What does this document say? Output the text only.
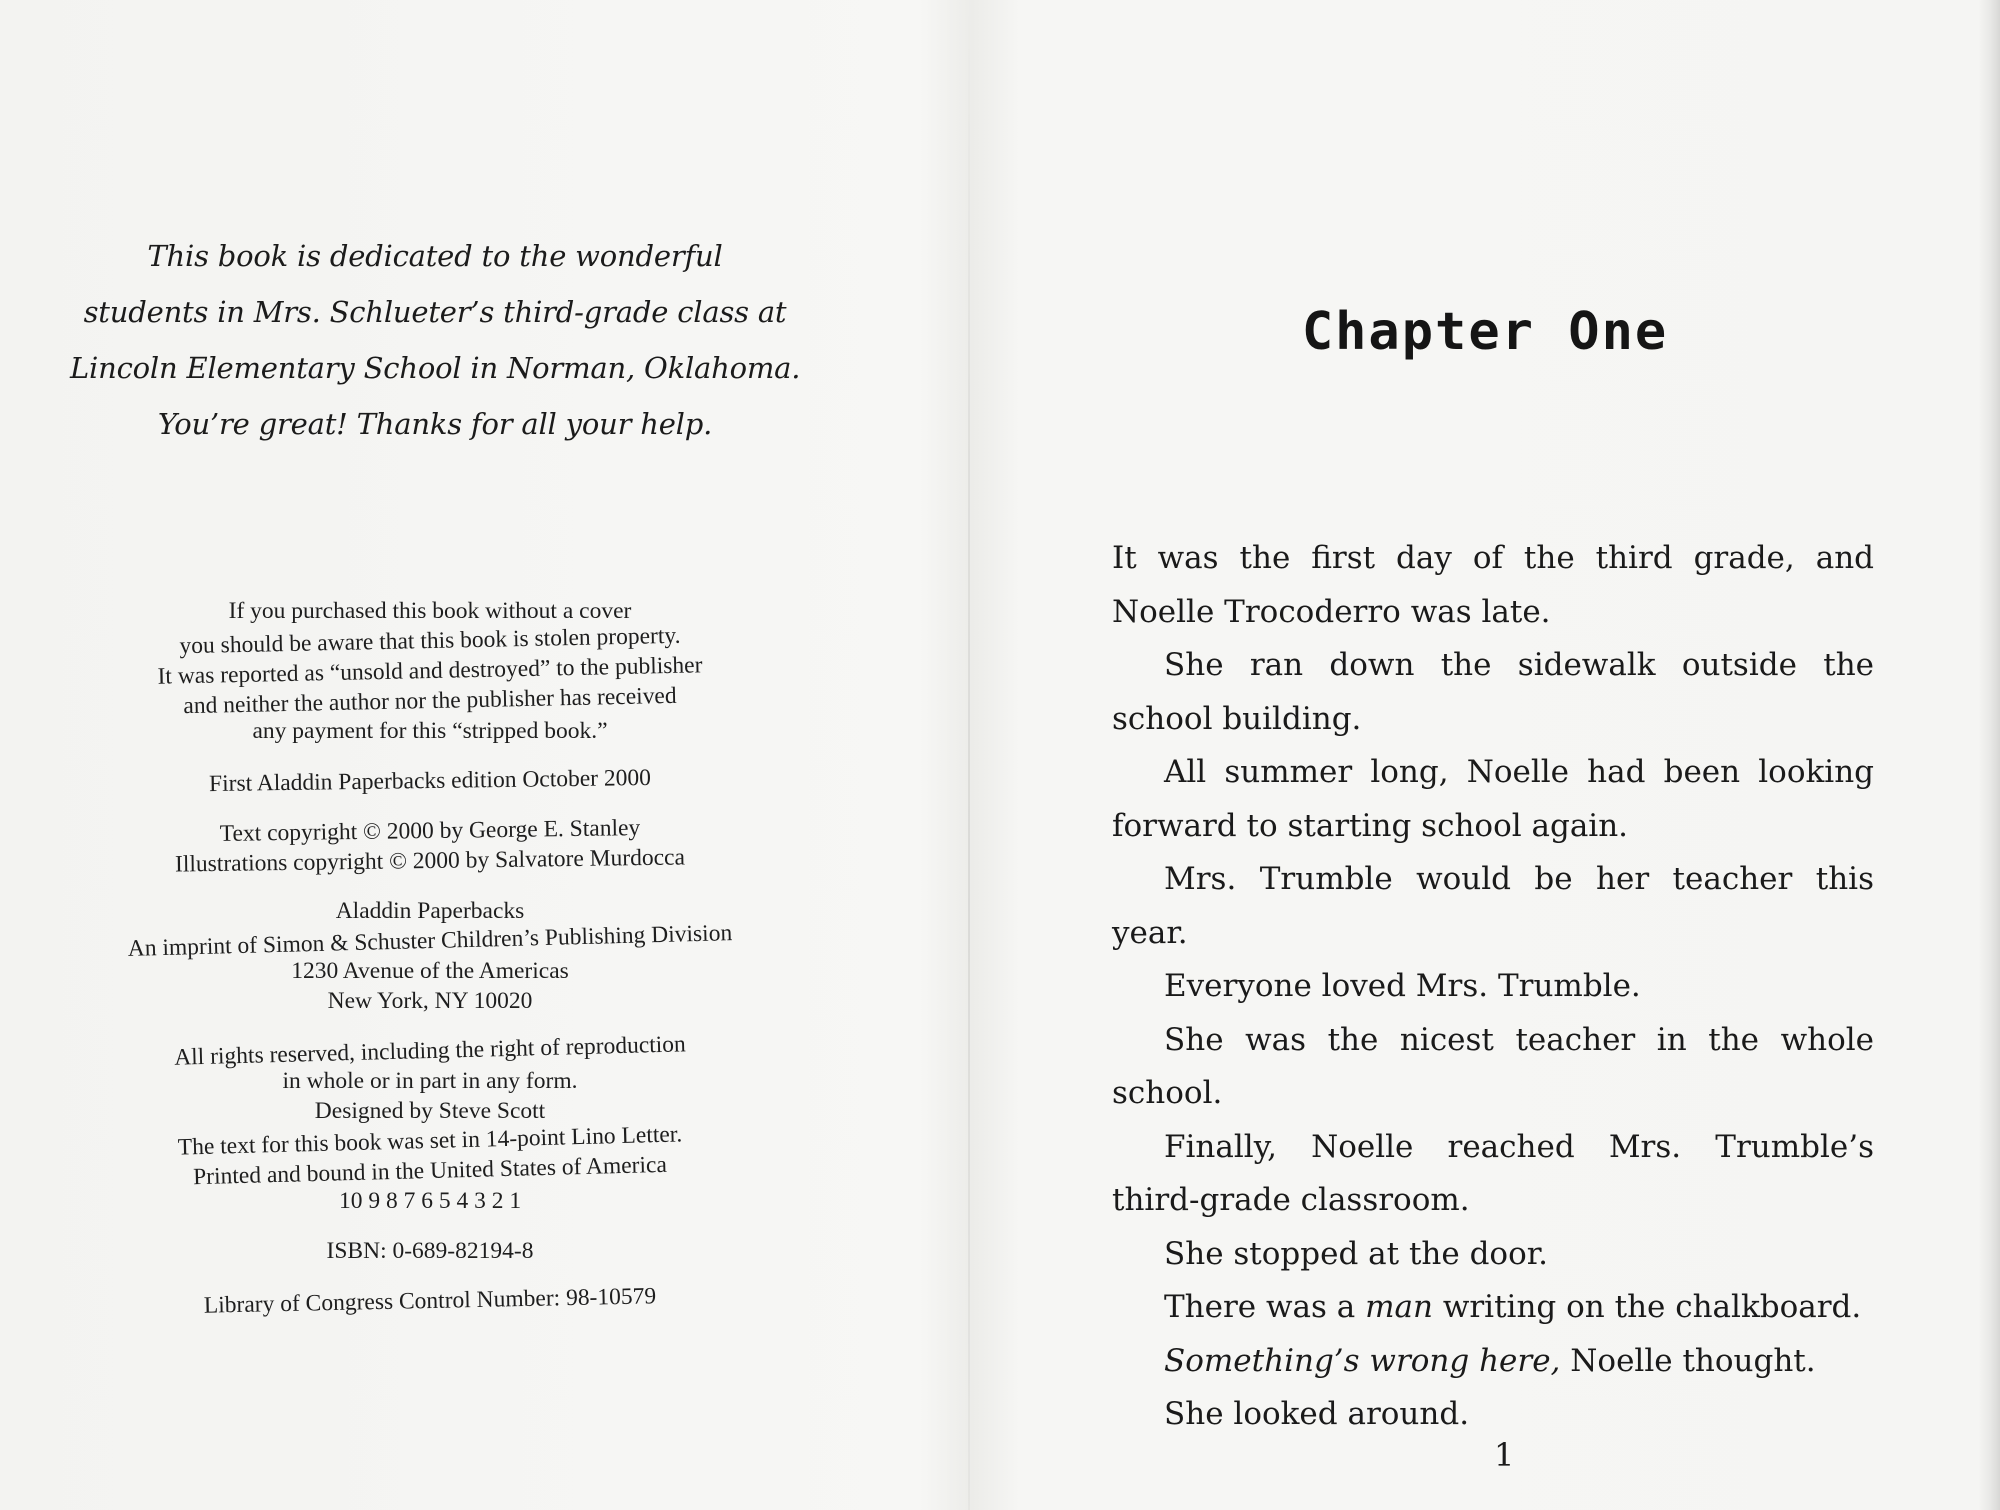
This book is dedicated to the wonderful
students in Mrs. Schlueter’s third-grade class at
Lincoln Elementary School in Norman, Oklahoma.
You’re great! Thanks for all your help.
If you purchased this book without a cover
you should be aware that this book is stolen property.
It was reported as “unsold and destroyed” to the publisher
and neither the author nor the publisher has received
any payment for this “stripped book.”
First Aladdin Paperbacks edition October 2000
Text copyright © 2000 by George E. Stanley
Illustrations copyright © 2000 by Salvatore Murdocca
Aladdin Paperbacks
An imprint of Simon & Schuster Children’s Publishing Division
1230 Avenue of the Americas
New York, NY 10020
All rights reserved, including the right of reproduction
in whole or in part in any form.
Designed by Steve Scott
The text for this book was set in 14-point Lino Letter.
Printed and bound in the United States of America
10 9 8 7 6 5 4 3 2 1
ISBN: 0-689-82194-8
Library of Congress Control Number: 98-10579
Chapter One

It was the first day of the third grade, and Noelle Trocoderro was late.

She ran down the sidewalk outside the school building.

All summer long, Noelle had been looking forward to starting school again.

Mrs. Trumble would be her teacher this year.

Everyone loved Mrs. Trumble.

She was the nicest teacher in the whole school.

Finally, Noelle reached Mrs. Trumble’s third-grade classroom.

She stopped at the door.

There was a man writing on the chalkboard.

Something’s wrong here, Noelle thought.

She looked around.

1
